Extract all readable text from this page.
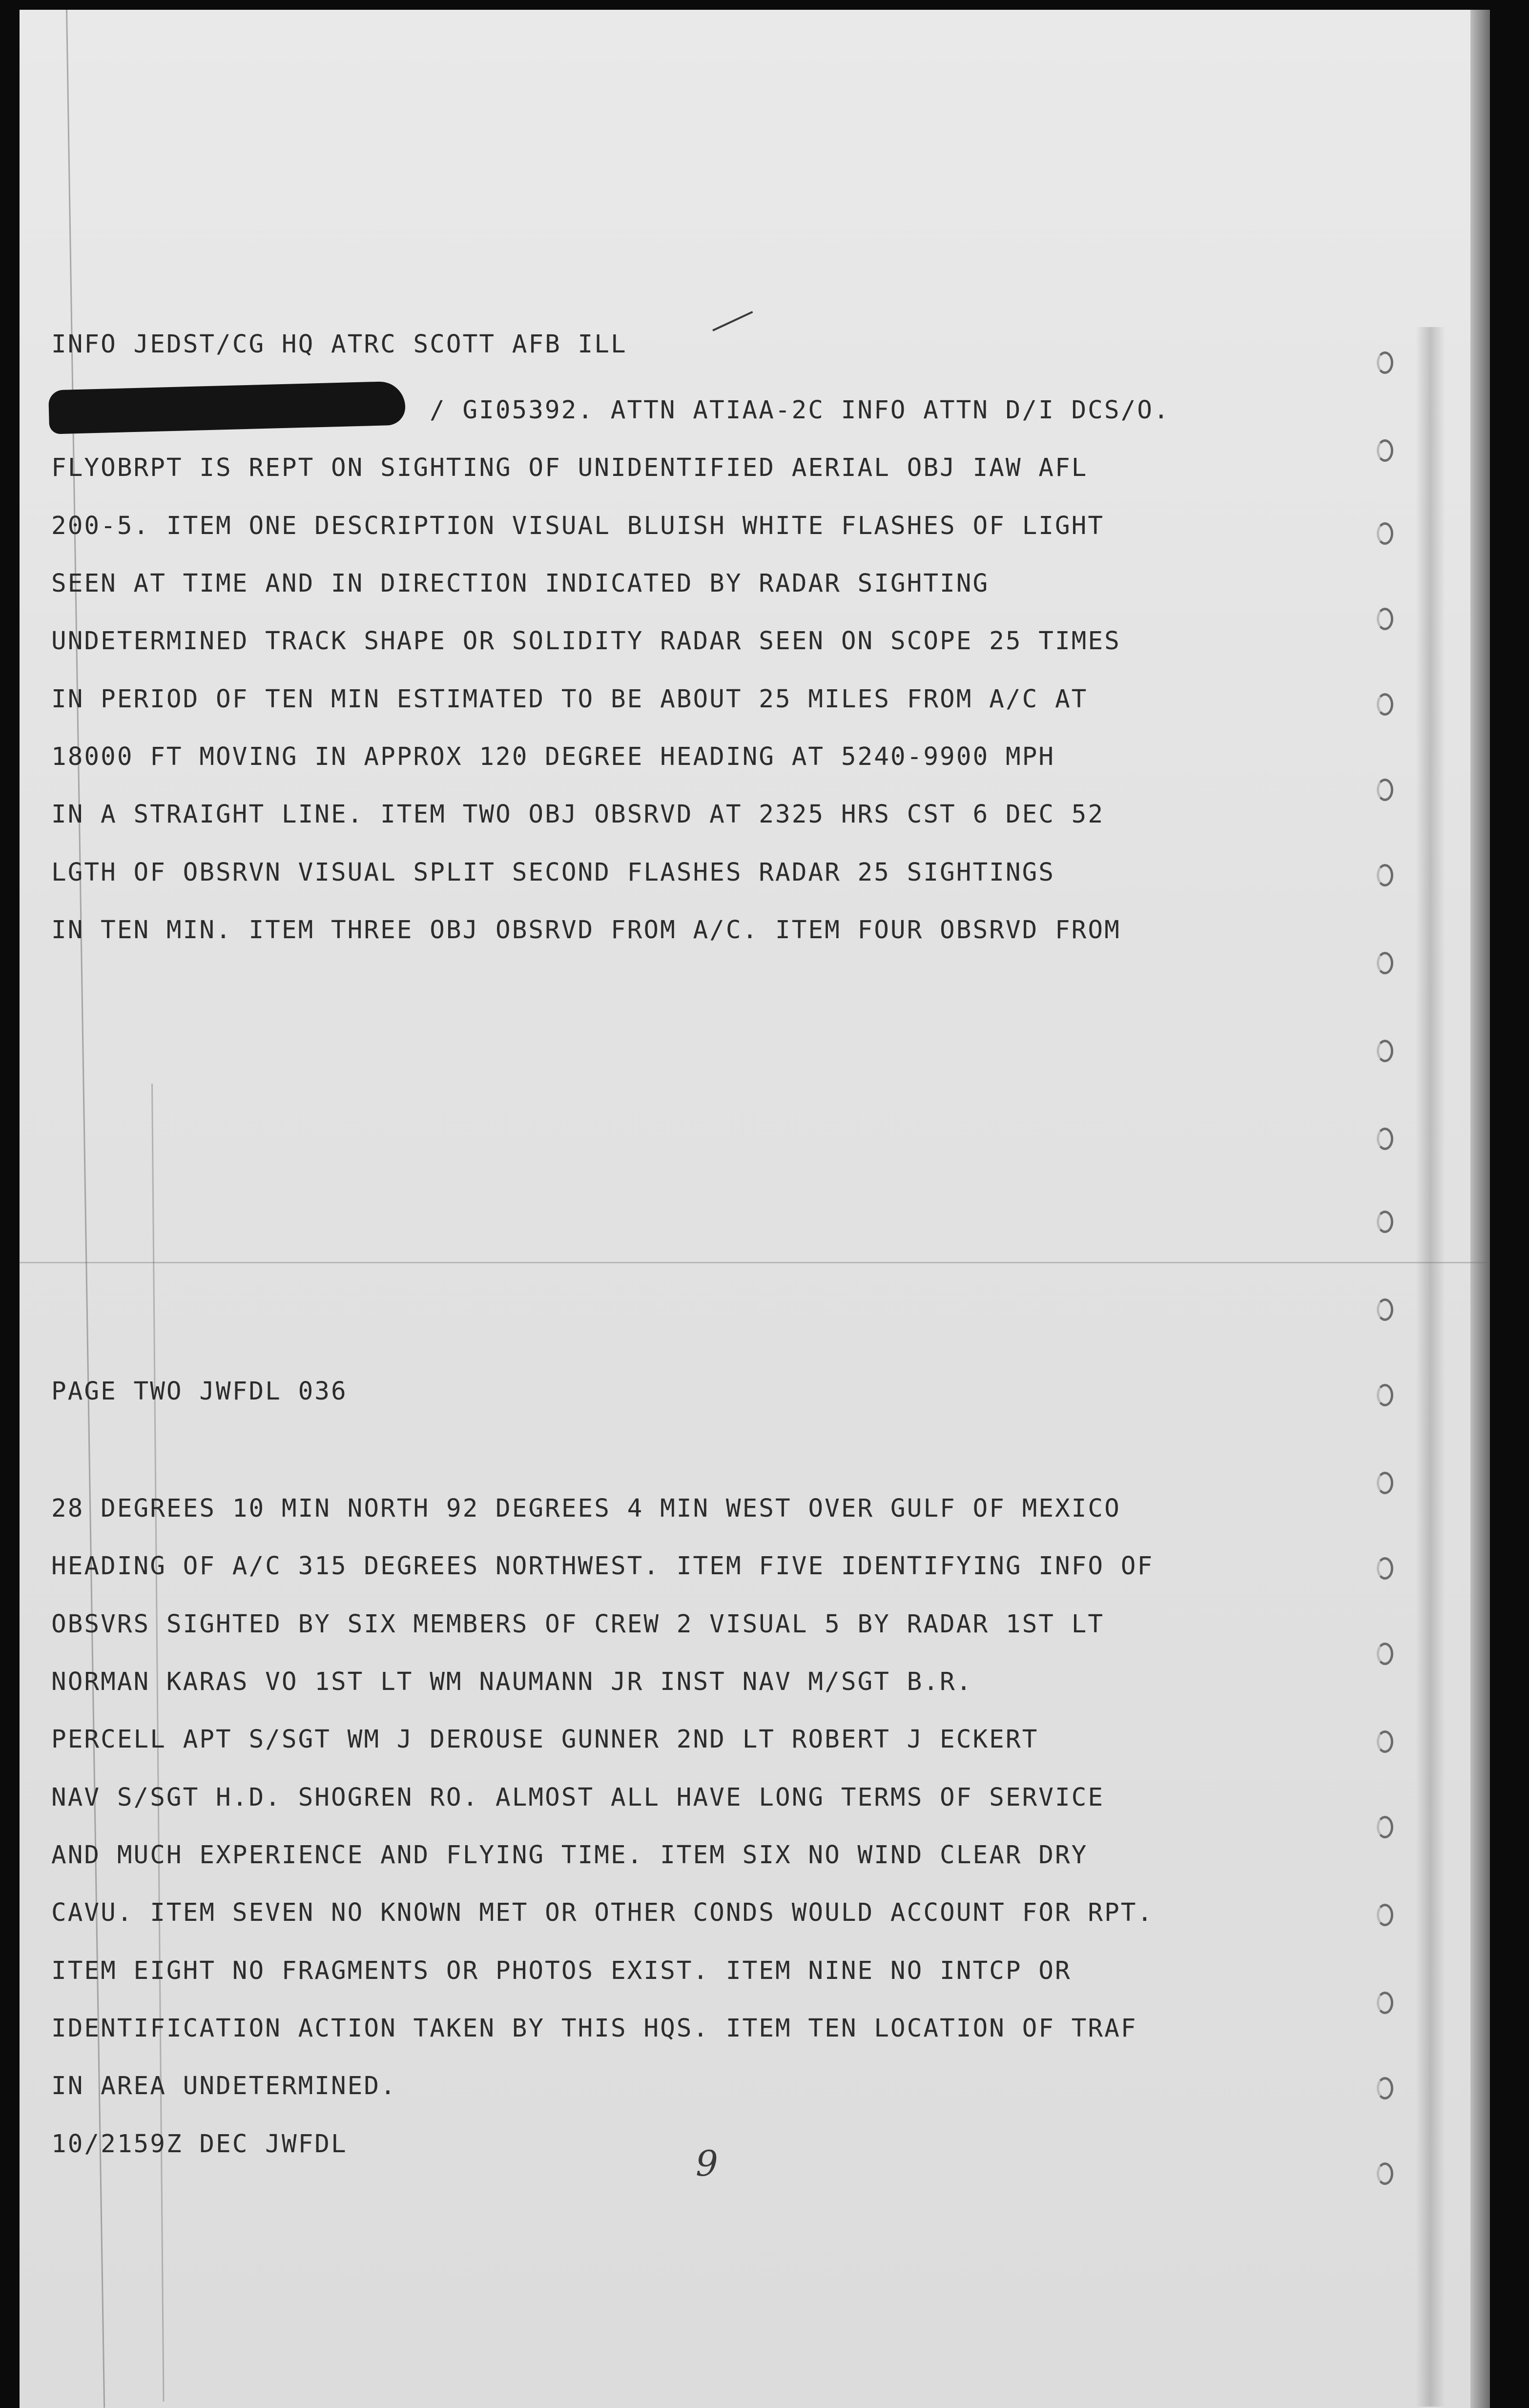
INFO JEDST/CG HQ ATRC SCOTT AFB ILL
/ GI05392. ATTN ATIAA-2C INFO ATTN D/I DCS/O.
FLYOBRPT IS REPT ON SIGHTING OF UNIDENTIFIED AERIAL OBJ IAW AFL
200-5. ITEM ONE DESCRIPTION VISUAL BLUISH WHITE FLASHES OF LIGHT
SEEN AT TIME AND IN DIRECTION INDICATED BY RADAR SIGHTING
UNDETERMINED TRACK SHAPE OR SOLIDITY RADAR SEEN ON SCOPE 25 TIMES
IN PERIOD OF TEN MIN ESTIMATED TO BE ABOUT 25 MILES FROM A/C AT
18000 FT MOVING IN APPROX 120 DEGREE HEADING AT 5240-9900 MPH
IN A STRAIGHT LINE. ITEM TWO OBJ OBSRVD AT 2325 HRS CST 6 DEC 52
LGTH OF OBSRVN VISUAL SPLIT SECOND FLASHES RADAR 25 SIGHTINGS
IN TEN MIN. ITEM THREE OBJ OBSRVD FROM A/C. ITEM FOUR OBSRVD FROM
PAGE TWO JWFDL 036
28 DEGREES 10 MIN NORTH 92 DEGREES 4 MIN WEST OVER GULF OF MEXICO
HEADING OF A/C 315 DEGREES NORTHWEST. ITEM FIVE IDENTIFYING INFO OF
OBSVRS SIGHTED BY SIX MEMBERS OF CREW 2 VISUAL 5 BY RADAR 1ST LT
NORMAN KARAS VO 1ST LT WM NAUMANN JR INST NAV M/SGT B.R.
PERCELL APT S/SGT WM J DEROUSE GUNNER 2ND LT ROBERT J ECKERT
NAV S/SGT H.D. SHOGREN RO. ALMOST ALL HAVE LONG TERMS OF SERVICE
AND MUCH EXPERIENCE AND FLYING TIME. ITEM SIX NO WIND CLEAR DRY
CAVU. ITEM SEVEN NO KNOWN MET OR OTHER CONDS WOULD ACCOUNT FOR RPT.
ITEM EIGHT NO FRAGMENTS OR PHOTOS EXIST. ITEM NINE NO INTCP OR
IDENTIFICATION ACTION TAKEN BY THIS HQS. ITEM TEN LOCATION OF TRAF
IN AREA UNDETERMINED.
10/2159Z DEC JWFDL	9
